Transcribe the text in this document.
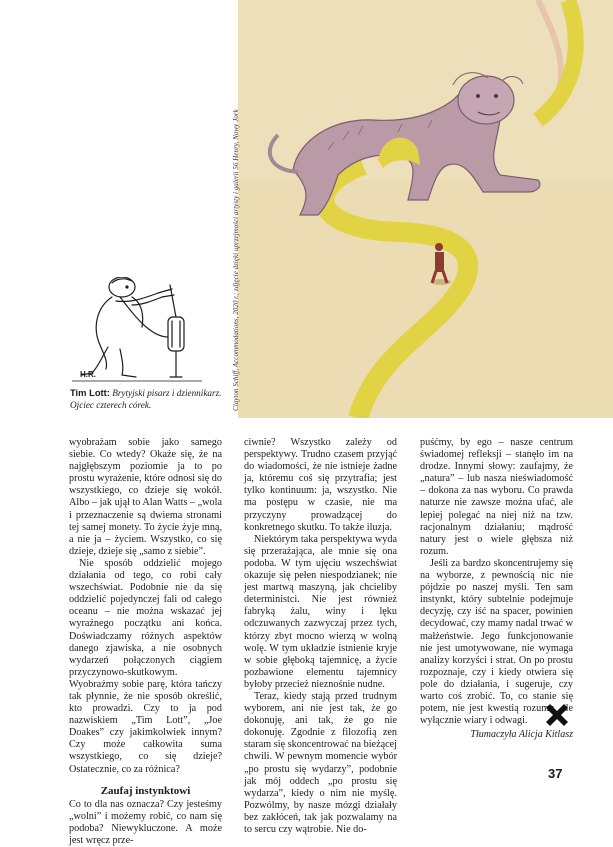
Clayton Schiff, Accommodations, 2020 r.; zdjęcie dzięki uprzejmości artysty i galerii 56 Henry, Nowy Jork
H.R.
Tim Lott: Brytyjski pisarz i dziennikarz. Ojciec czterech córek.

wyobrażam sobie jako samego siebie. Co wtedy? Okaże się, że na najgłębszym poziomie ja to po prostu wyrażenie, które odnosi się do wszystkiego, co dzieje się wokół. Albo – jak ujął to Alan Watts – „wola i przeznaczenie są dwiema stronami tej samej monety. To życie żyje mną, a nie ja – życiem. Wszystko, co się dzieje, dzieje się „samo z siebie”.

Nie sposób oddzielić mojego działania od tego, co robi cały wszechświat. Podobnie nie da się oddzielić pojedynczej fali od całego oceanu – nie można wskazać jej wyraźnego początku ani końca. Doświadczamy różnych aspektów danego zjawiska, a nie osobnych wydarzeń połączonych ciągiem przyczynowo-skutkowym. Wyobraźmy sobie parę, która tańczy tak płynnie, że nie sposób określić, kto prowadzi. Czy to ja pod nazwiskiem „Tim Lott”, „Joe Doakes” czy jakimkolwiek innym? Czy może całkowita suma wszystkiego, co się dzieje? Ostatecznie, co za różnica?

Zaufaj instynktowi

Co to dla nas oznacza? Czy jesteśmy „wolni” i możemy robić, co nam się podoba? Niewykluczone. A może jest wręcz prze-

ciwnie? Wszystko zależy od perspektywy. Trudno czasem przyjąć do wiadomości, że nie istnieje żadne ja, któremu coś się przytrafia; jest tylko kontinuum: ja, wszystko. Nie ma postępu w czasie, nie ma przyczyny prowadzącej do konkretnego skutku. To także iluzja.

Niektórym taka perspektywa wyda się przerażająca, ale mnie się ona podoba. W tym ujęciu wszechświat okazuje się pełen niespodzianek; nie jest martwą maszyną, jak chcieliby deterministci. Nie jest również fabryką żalu, winy i lęku odczuwanych zazwyczaj przez tych, którzy zbyt mocno wierzą w wolną wolę. W tym układzie istnienie kryje w sobie głęboką tajemnicę, a życie pozbawione elementu tajemnicy byłoby przecież nieznośnie nudne.

Teraz, kiedy stają przed trudnym wyborem, ani nie jest tak, że go dokonuję, ani tak, że go nie dokonuję. Zgodnie z filozofią zen staram się skoncentrować na bieżącej chwili. W pewnym momencie wybór „po prostu się wydarzy”, podobnie jak mój oddech „po prostu się wydarza”, kiedy o nim nie myślę. Pozwólmy, by nasze mózgi działały bez zakłóceń, tak jak pozwalamy na to sercu czy wątrobie. Nie do-

puśćmy, by ego – nasze centrum świadomej refleksji – stanęło im na drodze. Innymi słowy: zaufajmy, że „natura” – lub nasza nieświadomość – dokona za nas wyboru. Co prawda naturze nie zawsze można ufać, ale lepiej polegać na niej niż na tzw. racjonalnym działaniu; mądrość natury jest o wiele głębsza niż rozum.

Jeśli za bardzo skoncentrujemy się na wyborze, z pewnością nic nie pójdzie po naszej myśli. Ten sam instynkt, który subtelnie podejmuje decyzję, czy iść na spacer, powinien decydować, czy mamy nadal trwać w małżeństwie. Jego funkcjonowanie nie jest umotywowane, nie wymaga analizy korzyści i strat. On po prostu rozpoznaje, czy i kiedy otwiera się pole do działania, i sugeruje, czy warto coś zrobić. To, co stanie się potem, nie jest kwestią rozumu, ale wyłącznie wiary i odwagi.

Tłumaczyła Alicja Kitlasz
37
